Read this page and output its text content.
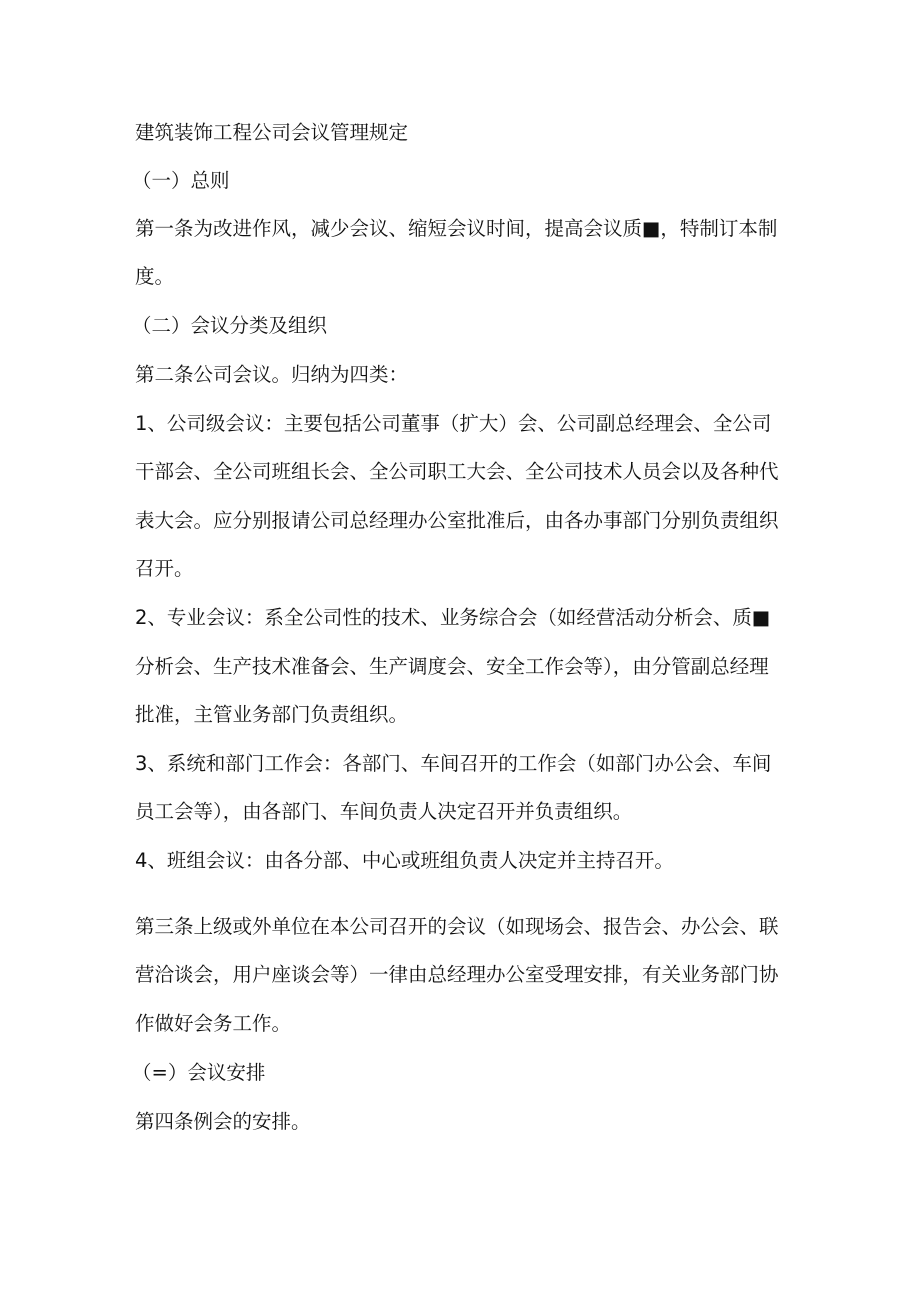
建筑装饰工程公司会议管理规定
（一）总则
第一条为改进作风，减少会议、缩短会议时间，提高会议质■，特制订本制
度。
（二）会议分类及组织
第二条公司会议。归纳为四类：
1、公司级会议：主要包括公司董事（扩大）会、公司副总经理会、全公司
干部会、全公司班组长会、全公司职工大会、全公司技术人员会以及各种代
表大会。应分别报请公司总经理办公室批准后，由各办事部门分别负责组织
召开。
2、专业会议：系全公司性的技术、业务综合会（如经营活动分析会、质■
分析会、生产技术准备会、生产调度会、安全工作会等），由分管副总经理
批准，主管业务部门负责组织。
3、系统和部门工作会：各部门、车间召开的工作会（如部门办公会、车间
员工会等），由各部门、车间负责人决定召开并负责组织。
4、班组会议：由各分部、中心或班组负责人决定并主持召开。
第三条上级或外单位在本公司召开的会议（如现场会、报告会、办公会、联
营洽谈会，用户座谈会等）一律由总经理办公室受理安排，有关业务部门协
作做好会务工作。
（=）会议安排
第四条例会的安排。
